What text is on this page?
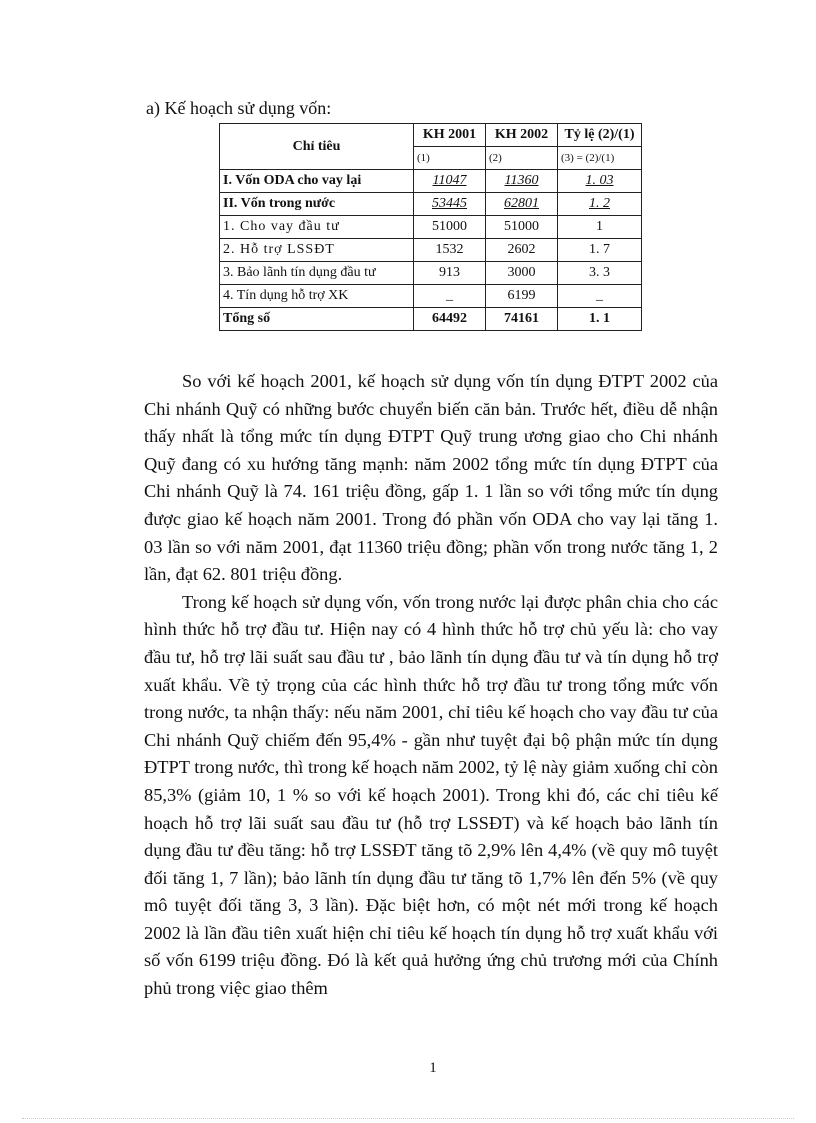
a) Kế hoạch sử dụng vốn:
Chỉ tiêu	KH 2001	KH 2002	Tỷ lệ (2)/(1)
	(1)	(2)	(3) = (2)/(1)
I. Vốn ODA cho vay lại	11047	11360	1. 03
II. Vốn trong nước	53445	62801	1. 2
1. Cho vay đầu tư	51000	51000	1
2. Hỗ trợ LSSĐT	1532	2602	1. 7
3. Bảo lãnh tín dụng đầu tư	913	3000	3. 3
4. Tín dụng hỗ trợ XK	_	6199	_
Tổng số	64492	74161	1. 1

So với kế hoạch 2001, kế hoạch sử dụng vốn tín dụng ĐTPT 2002 của Chi nhánh Quỹ có những bước chuyển biến căn bản. Trước hết, điều dễ nhận thấy nhất là tổng mức tín dụng ĐTPT Quỹ trung ương giao cho Chi nhánh Quỹ đang có xu hướng tăng mạnh: năm 2002 tổng mức tín dụng ĐTPT của Chi nhánh Quỹ là 74. 161 triệu đồng, gấp 1. 1 lần so với tổng mức tín dụng được giao kế hoạch năm 2001. Trong đó phần vốn ODA cho vay lại tăng 1. 03 lần so với năm 2001, đạt 11360 triệu đồng; phần vốn trong nước tăng 1, 2 lần, đạt 62. 801 triệu đồng.

Trong kế hoạch sử dụng vốn, vốn trong nước lại được phân chia cho các hình thức hỗ trợ đầu tư. Hiện nay có 4 hình thức hỗ trợ chủ yếu là: cho vay đầu tư, hỗ trợ lãi suất sau đầu tư , bảo lãnh tín dụng đầu tư và tín dụng hỗ trợ xuất khẩu. Về tỷ trọng của các hình thức hỗ trợ đầu tư trong tổng mức vốn trong nước, ta nhận thấy: nếu năm 2001, chỉ tiêu kế hoạch cho vay đầu tư của Chi nhánh Quỹ chiếm đến 95,4% - gần như tuyệt đại bộ phận mức tín dụng ĐTPT trong nước, thì trong kế hoạch năm 2002, tỷ lệ này giảm xuống chỉ còn 85,3% (giảm 10, 1 % so với kế hoạch 2001). Trong khi đó, các chỉ tiêu kế hoạch hỗ trợ lãi suất sau đầu tư (hỗ trợ LSSĐT) và kế hoạch bảo lãnh tín dụng đầu tư đều tăng: hỗ trợ LSSĐT tăng tõ 2,9% lên 4,4% (về quy mô tuyệt đối tăng 1, 7 lần); bảo lãnh tín dụng đầu tư tăng tõ 1,7% lên đến 5% (về quy mô tuyệt đối tăng 3, 3 lần). Đặc biệt hơn, có một nét mới trong kế hoạch 2002 là lần đầu tiên xuất hiện chỉ tiêu kế hoạch tín dụng hỗ trợ xuất khẩu với số vốn 6199 triệu đồng. Đó là kết quả hưởng ứng chủ trương mới của Chính phủ trong việc giao thêm

1
